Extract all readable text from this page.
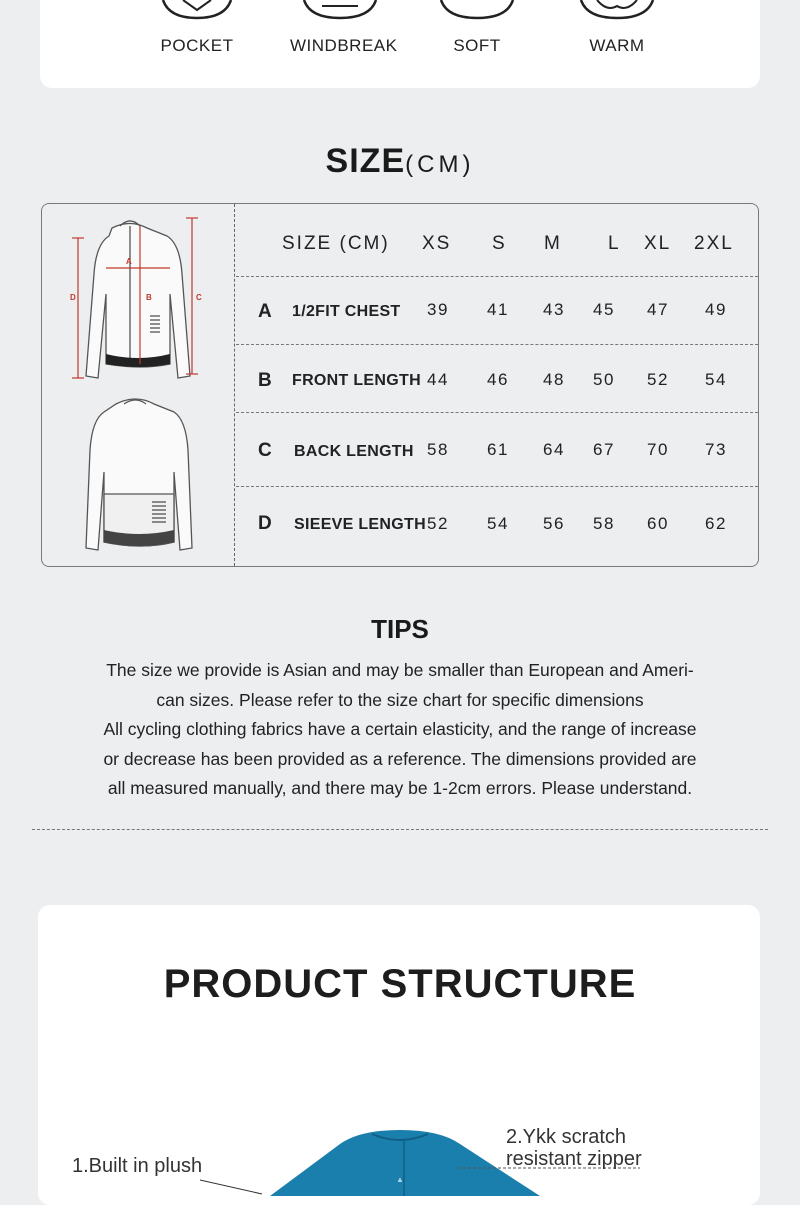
POCKET	WINDBREAK	SOFT	WARM
SIZE(CM)
A
B	C
D
SIZE (CM) XS S M L XL 2XL
A 1/2FIT CHEST 39 41 43 45 47 49
B FRONT LENGTH 44 46 48 50 52 54
C BACK LENGTH 58 61 64 67 70 73
D SIEEVE LENGTH 52 54 56 58 60 62
TIPS
The size we provide is Asian and may be smaller than European and Ameri-
can sizes. Please refer to the size chart for specific dimensions
All cycling clothing fabrics have a certain elasticity, and the range of increase
or decrease has been provided as a reference. The dimensions provided are
all measured manually, and there may be 1-2cm errors. Please understand.
PRODUCT STRUCTURE
▲
1.Built in plush
2.Ykk scratch
resistant zipper
